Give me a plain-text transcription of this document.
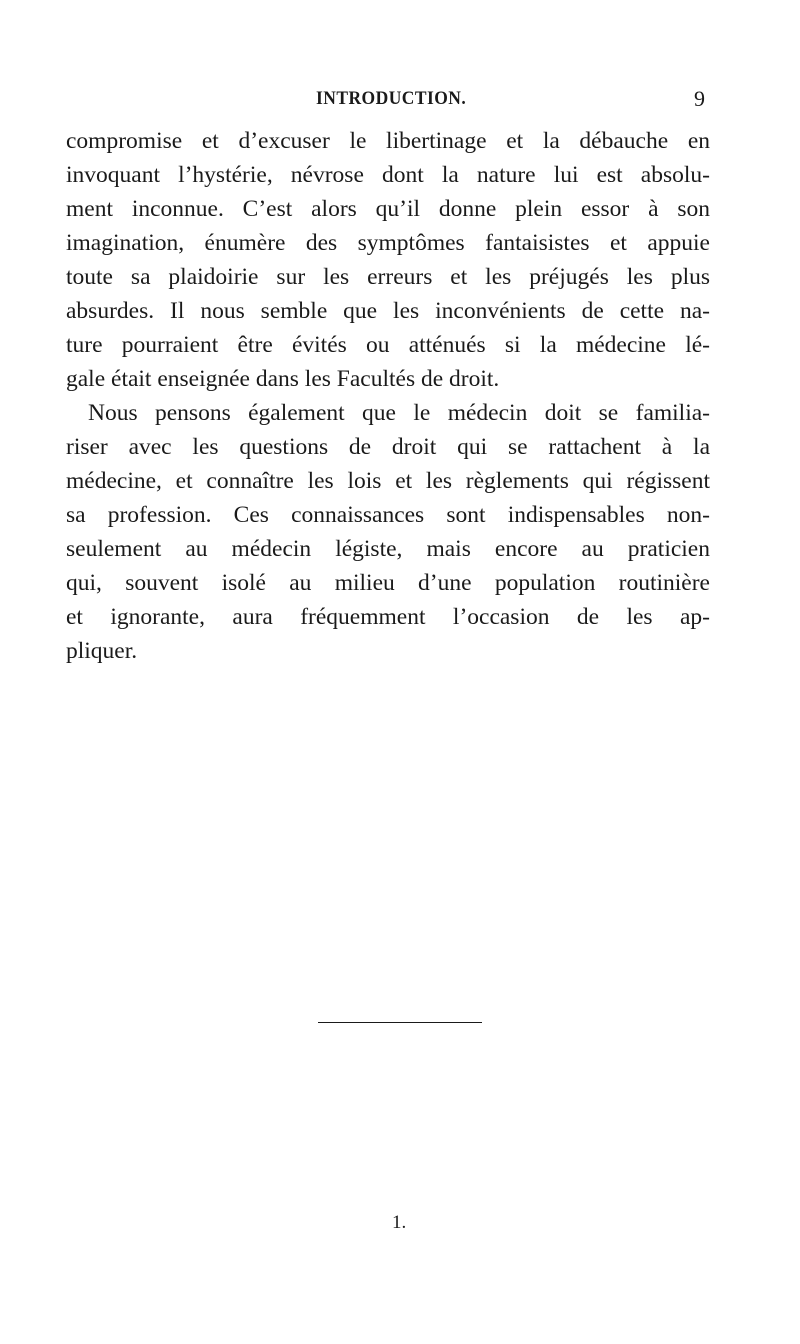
INTRODUCTION.	9
compromise et d’excuser le libertinage et la débauche en
invoquant l’hystérie, névrose dont la nature lui est absolu-
ment inconnue. C’est alors qu’il donne plein essor à son
imagination, énumère des symptômes fantaisistes et appuie
toute sa plaidoirie sur les erreurs et les préjugés les plus
absurdes. Il nous semble que les inconvénients de cette na-
ture pourraient être évités ou atténués si la médecine lé-
gale était enseignée dans les Facultés de droit.
Nous pensons également que le médecin doit se familia-
riser avec les questions de droit qui se rattachent à la
médecine, et connaître les lois et les règlements qui régissent
sa profession. Ces connaissances sont indispensables non-
seulement au médecin légiste, mais encore au praticien
qui, souvent isolé au milieu d’une population routinière
et ignorante, aura fréquemment l’occasion de les ap-
pliquer.
1.
